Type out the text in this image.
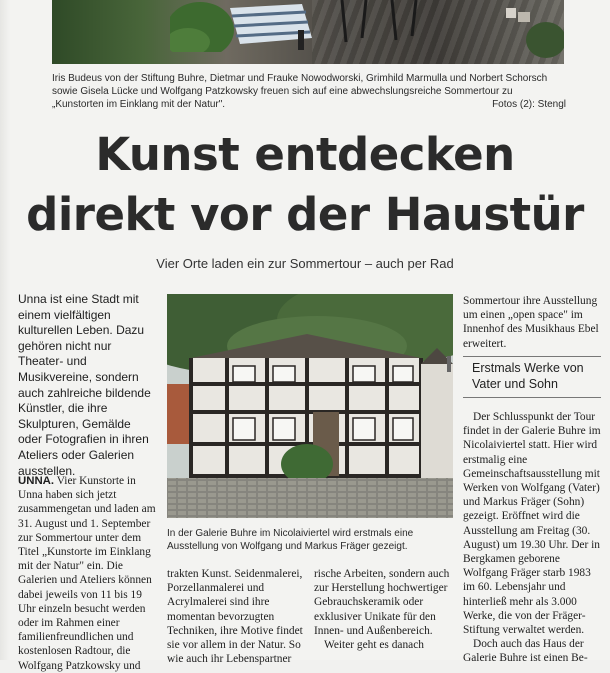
Iris Budeus von der Stiftung Buhre, Dietmar und Frauke Nowodworski, Grimhild Marmulla und Norbert Schorsch sowie Gisela Lücke und Wolfgang Patzkowsky freuen sich auf eine abwechslungsreiche Sommertour zu „Kunstorten im Einklang mit der Natur".	Fotos (2): Stengl
Kunst entdecken
direkt vor der Haustür
Vier Orte laden ein zur Sommertour – auch per Rad
Unna ist eine Stadt mit einem vielfältigen kulturellen Leben. Dazu gehören nicht nur Theater- und Musikvereine, sondern auch zahlreiche bildende Künstler, die ihre Skulpturen, Gemälde oder Fotografien in ihren Ateliers oder Galerien ausstellen.
UNNA. Vier Kunstorte in Unna haben sich jetzt zusammengetan und laden am 31. August und 1. September zur Sommertour unter dem Titel „Kunstorte im Einklang mit der Natur" ein. Die Galerien und Ateliers können dabei jeweils von 11 bis 19 Uhr einzeln besucht werden oder im Rahmen einer familienfreundlichen und kostenlosen Radtour, die
Wolfgang Patzkowsky und
In der Galerie Buhre im Nicolaiviertel wird erstmals eine Ausstellung von Wolfgang und Markus Fräger gezeigt.
trakten Kunst. Seidenmalerei, Porzellanmalerei und Acrylmalerei sind ihre momentan bevorzugten Techniken, ihre Motive findet sie vor allem in der Natur. So wie auch ihr Lebenspartner
rische Arbeiten, sondern auch zur Herstellung hochwertiger Gebrauchskeramik oder exklusiver Unikate für den Innen- und Außenbereich.
Weiter geht es danach
Sommertour ihre Ausstellung um einen „open space" im Innenhof des Musikhaus Ebel erweitert.
Erstmals Werke von Vater und Sohn
Der Schlusspunkt der Tour findet in der Galerie Buhre im Nicolaiviertel statt. Hier wird erstmalig eine Gemeinschaftsausstellung mit Werken von Wolfgang (Vater) und Markus Fräger (Sohn) gezeigt. Eröffnet wird die Ausstellung am Freitag (30. August) um 19.30 Uhr. Der in Bergkamen geborene Wolfgang Fräger starb 1983 im 60. Lebensjahr und hinterließ mehr als 3.000 Werke, die von der Fräger-Stiftung verwaltet werden.
Doch auch das Haus der Galerie Buhre ist einen Be-
